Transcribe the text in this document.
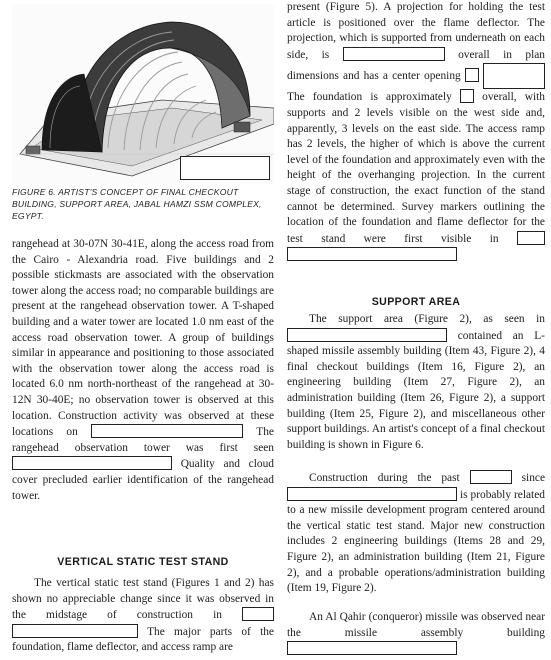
FIGURE 6. ARTIST'S CONCEPT OF FINAL CHECKOUT BUILDING, SUPPORT AREA, JABAL HAMZI SSM COMPLEX, EGYPT.
rangehead at 30-07N 30-41E, along the access road from the Cairo - Alexandria road. Five buildings and 2 possible stickmasts are associated with the observation tower along the access road; no comparable buildings are present at the rangehead observation tower. A T-shaped building and a water tower are located 1.0 nm east of the access road observation tower. A group of buildings similar in appearance and positioning to those associated with the observation tower along the access road is located 6.0 nm north-northeast of the rangehead at 30-12N 30-40E; no observation tower is observed at this location. Construction activity was observed at these locations on	The rangehead observation tower was first seen  Quality and cloud cover precluded earlier identification of the rangehead tower.
VERTICAL STATIC TEST STAND
The vertical static test stand (Figures 1 and 2) has shown no appreciable change since it was observed in the midstage of construction in   The major parts of the foundation, flame deflector, and access ramp are
present (Figure 5). A projection for holding the test article is positioned over the flame deflector. The projection, which is supported from underneath on each side, is	overall in plan dimensions and has a center opening   The foundation is approximately	overall, with supports and 2 levels visible on the west side and, apparently, 3 levels on the east side. The access ramp has 2 levels, the higher of which is above the current level of the foundation and approximately even with the height of the overhanging projection. In the current stage of construction, the exact function of the stand cannot be determined. Survey markers outlining the location of the foundation and flame deflector for the test stand were first visible in
SUPPORT AREA
The support area (Figure 2), as seen in  contained an L-shaped missile assembly building (Item 43, Figure 2), 4 final checkout buildings (Item 16, Figure 2), an engineering building (Item 27, Figure 2), an administration building (Item 26, Figure 2), a support building (Item 25, Figure 2), and miscellaneous other support buildings. An artist's concept of a final checkout building is shown in Figure 6.
Construction during the past	since  is probably related to a new missile development program centered around the vertical static test stand. Major new construction includes 2 engineering buildings (Items 28 and 29, Figure 2), an administration building (Item 21, Figure 2), and a probable operations/administration building (Item 19, Figure 2).
An Al Qahir (conqueror) missile was observed near the missile assembly building
